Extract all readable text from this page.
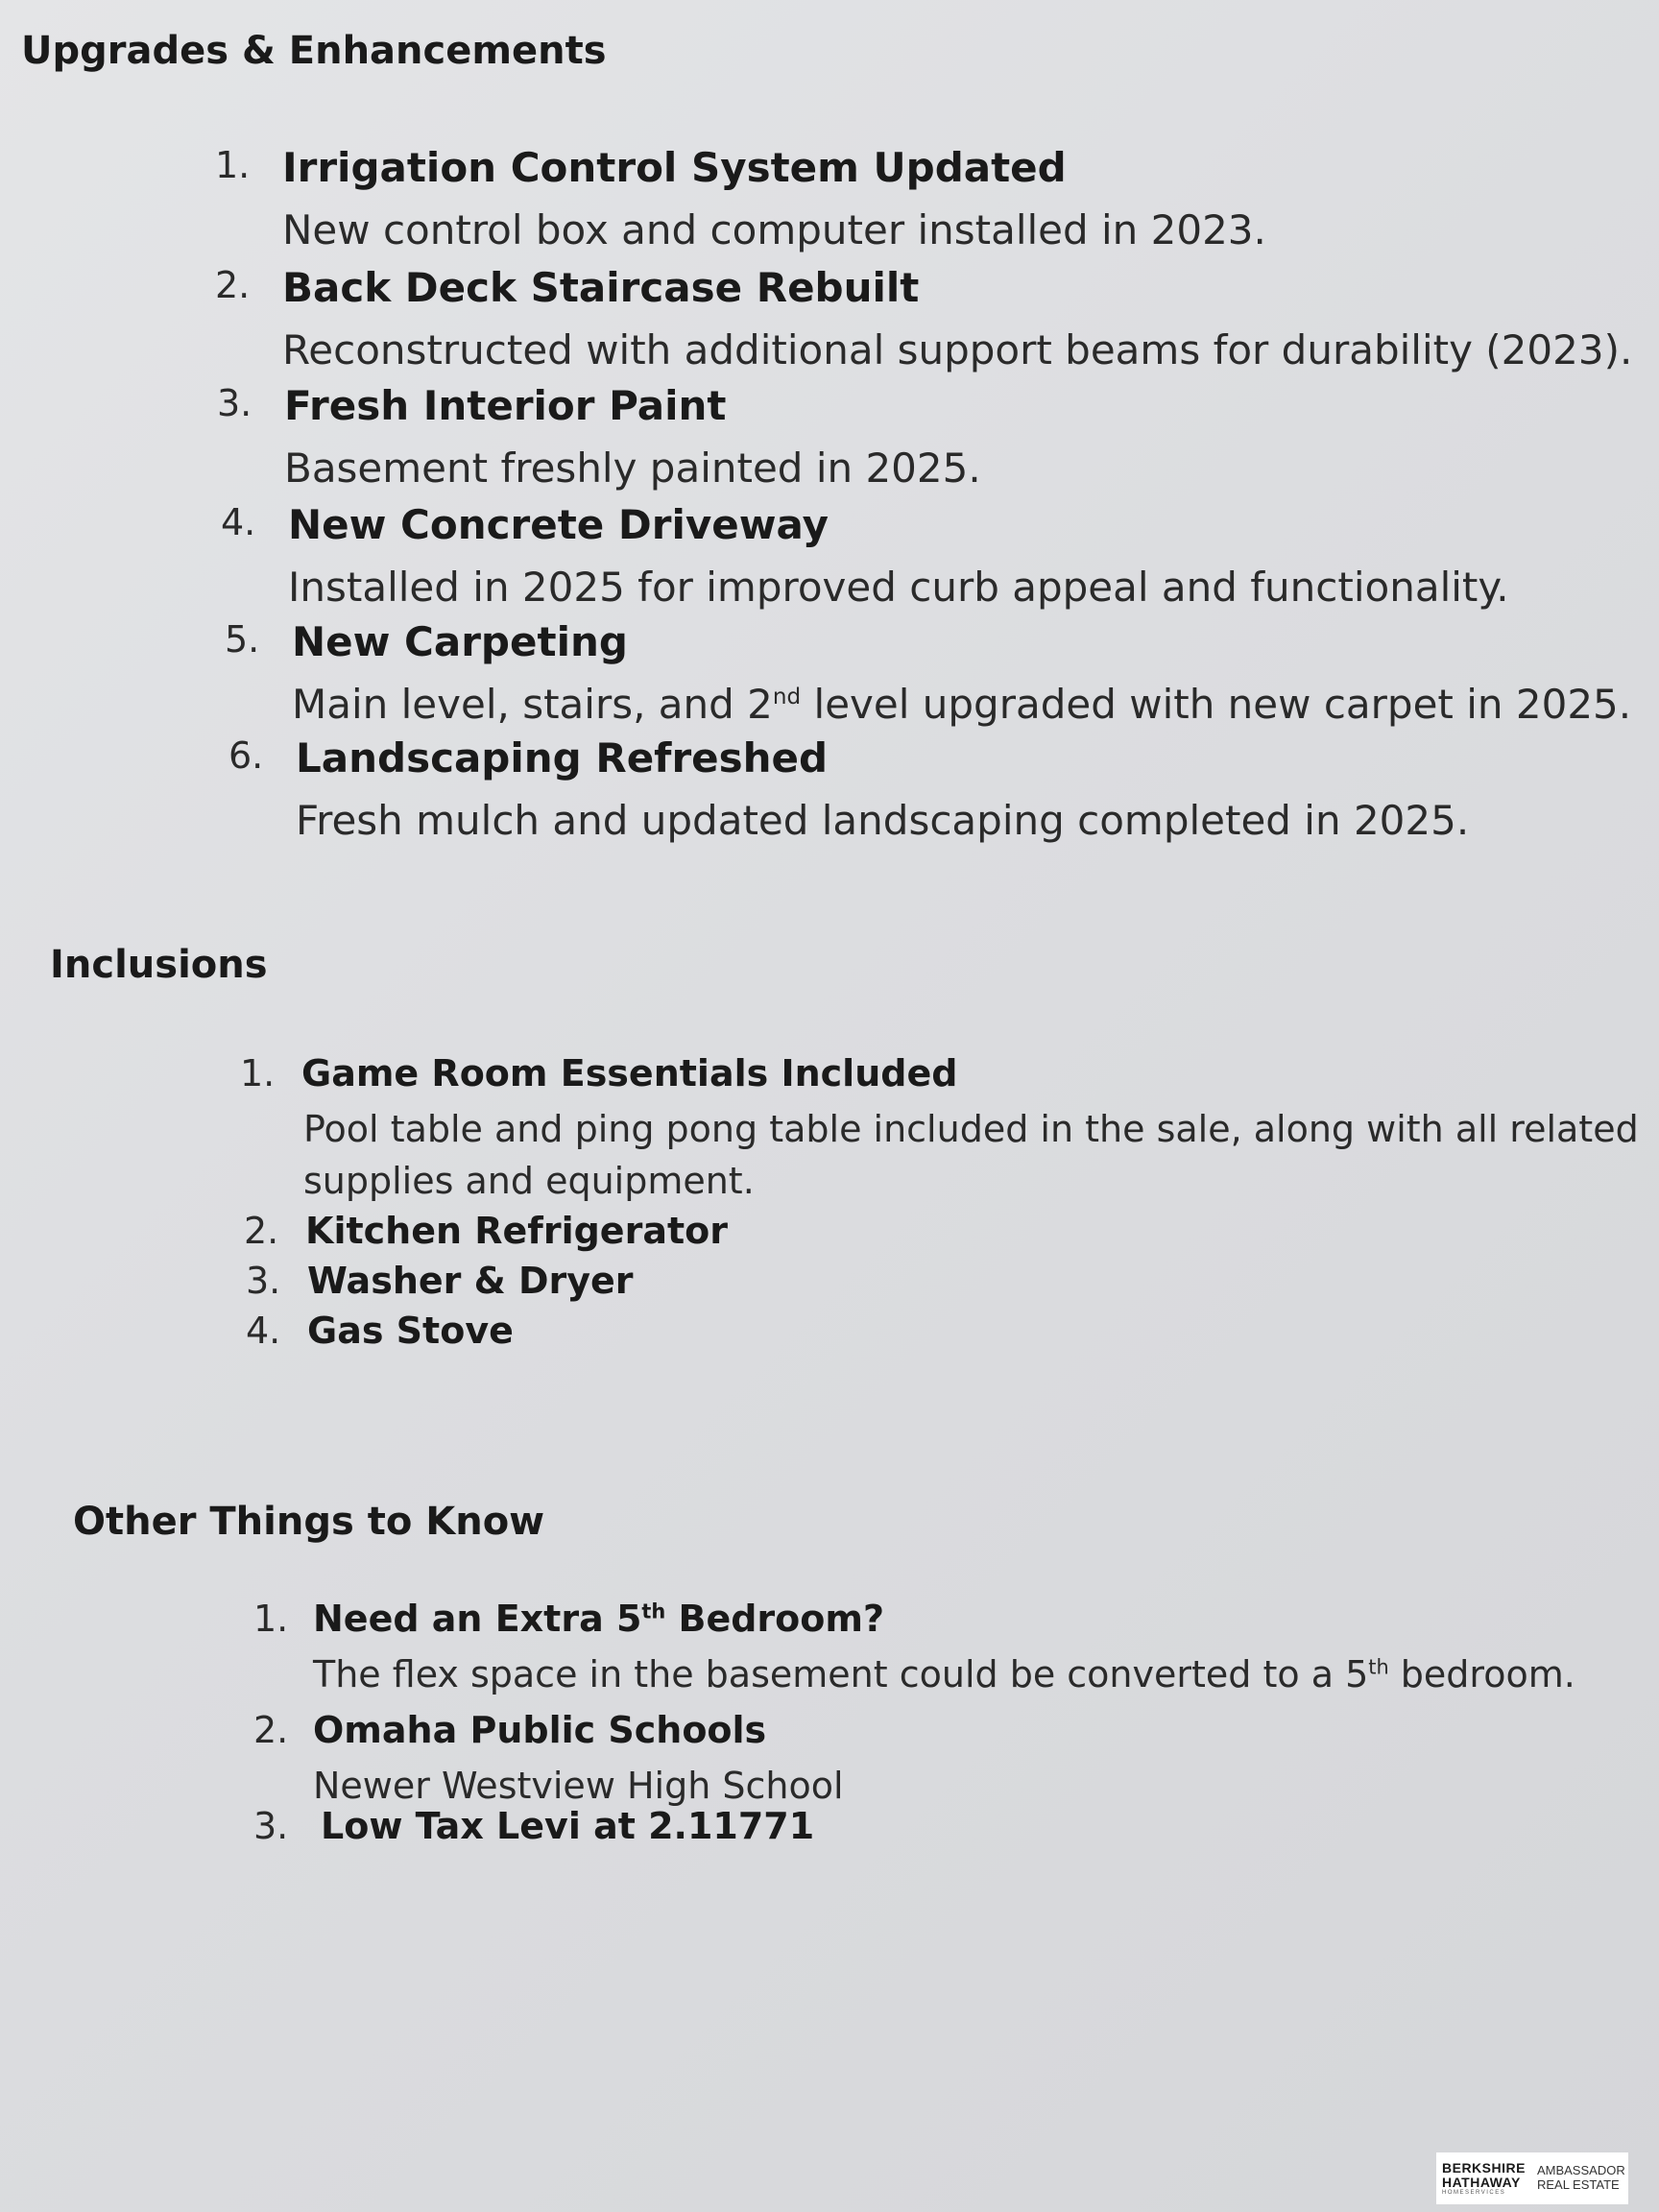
Upgrades & Enhancements
1. Irrigation Control System Updated
New control box and computer installed in 2023.
2. Back Deck Staircase Rebuilt
Reconstructed with additional support beams for durability (2023).
3. Fresh Interior Paint
Basement freshly painted in 2025.
4. New Concrete Driveway
Installed in 2025 for improved curb appeal and functionality.
5. New Carpeting
Main level, stairs, and 2nd level upgraded with new carpet in 2025.
6. Landscaping Refreshed
Fresh mulch and updated landscaping completed in 2025.
Inclusions
1. Game Room Essentials Included
Pool table and ping pong table included in the sale, along with all related
supplies and equipment.
2. Kitchen Refrigerator
3. Washer & Dryer
4. Gas Stove
Other Things to Know
1. Need an Extra 5th Bedroom?
The flex space in the basement could be converted to a 5th bedroom.
2. Omaha Public Schools
Newer Westview High School
3. Low Tax Levi at 2.11771
BERKSHIRE
HATHAWAY
HOMESERVICES
AMBASSADOR
REAL ESTATE
